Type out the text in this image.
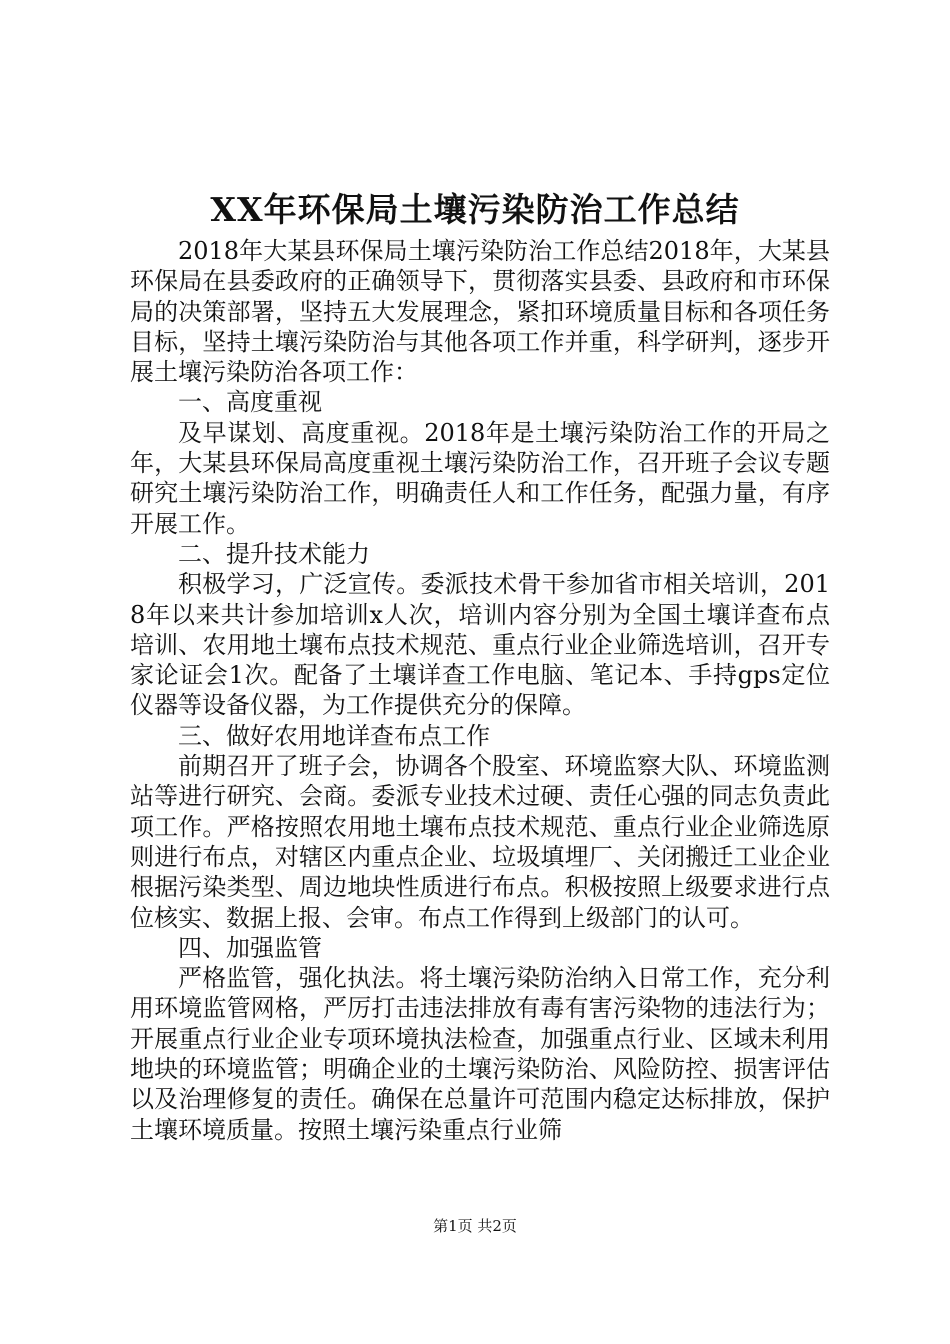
XX年环保局土壤污染防治工作总结

2018年大某县环保局土壤污染防治工作总结2018年，大某县环保局在县委政府的正确领导下，贯彻落实县委、县政府和市环保局的决策部署，坚持五大发展理念，紧扣环境质量目标和各项任务目标，坚持土壤污染防治与其他各项工作并重，科学研判，逐步开展土壤污染防治各项工作：

一、高度重视

及早谋划、高度重视。2018年是土壤污染防治工作的开局之年，大某县环保局高度重视土壤污染防治工作，召开班子会议专题研究土壤污染防治工作，明确责任人和工作任务，配强力量，有序开展工作。

二、提升技术能力

积极学习，广泛宣传。委派技术骨干参加省市相关培训，2018年以来共计参加培训x人次，培训内容分别为全国土壤详查布点培训、农用地土壤布点技术规范、重点行业企业筛选培训，召开专家论证会1次。配备了土壤详查工作电脑、笔记本、手持gps定位仪器等设备仪器，为工作提供充分的保障。

三、做好农用地详查布点工作

前期召开了班子会，协调各个股室、环境监察大队、环境监测站等进行研究、会商。委派专业技术过硬、责任心强的同志负责此项工作。严格按照农用地土壤布点技术规范、重点行业企业筛选原则进行布点，对辖区内重点企业、垃圾填埋厂、关闭搬迁工业企业根据污染类型、周边地块性质进行布点。积极按照上级要求进行点位核实、数据上报、会审。布点工作得到上级部门的认可。

四、加强监管

严格监管，强化执法。将土壤污染防治纳入日常工作，充分利用环境监管网格，严厉打击违法排放有毒有害污染物的违法行为；开展重点行业企业专项环境执法检查，加强重点行业、区域未利用地块的环境监管；明确企业的土壤污染防治、风险防控、损害评估以及治理修复的责任。确保在总量许可范围内稳定达标排放，保护土壤环境质量。按照土壤污染重点行业筛

第1页 共2页
